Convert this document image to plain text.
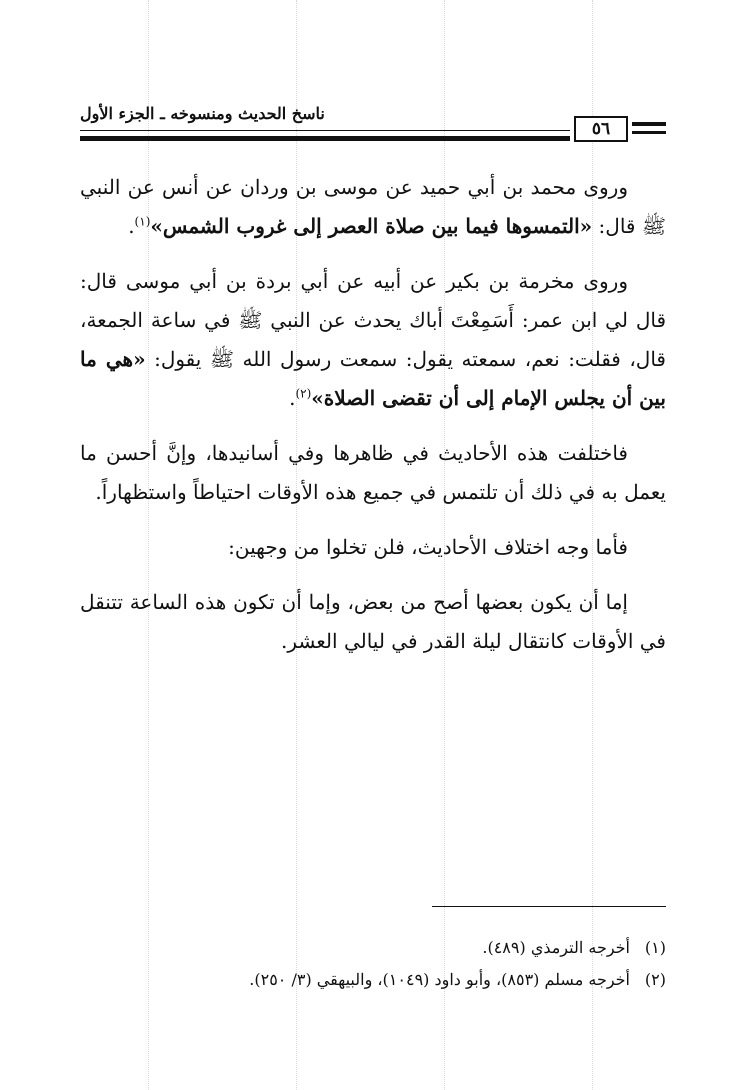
ناسخ الحديث ومنسوخه ـ الجزء الأول
٥٦

وروى محمد بن أبي حميد عن موسى بن وردان عن أنس عن النبي ﷺ قال: «التمسوها فيما بين صلاة العصر إلى غروب الشمس»$^{(١)}$.

وروى مخرمة بن بكير عن أبيه عن أبي بردة بن أبي موسى قال: قال لي ابن عمر: أَسَمِعْتَ أباك يحدث عن النبي ﷺ في ساعة الجمعة، قال، فقلت: نعم، سمعته يقول: سمعت رسول الله ﷺ يقول: «هي ما بين أن يجلس الإمام إلى أن تقضى الصلاة»$^{(٢)}$.

فاختلفت هذه الأحاديث في ظاهرها وفي أسانيدها، وإنَّ أحسن ما يعمل به في ذلك أن تلتمس في جميع هذه الأوقات احتياطاً واستظهاراً.

فأما وجه اختلاف الأحاديث، فلن تخلوا من وجهين:

إما أن يكون بعضها أصح من بعض، وإما أن تكون هذه الساعة تتنقل في الأوقات كانتقال ليلة القدر في ليالي العشر.

(١)أخرجه الترمذي (٤٨٩).
(٢)أخرجه مسلم (٨٥٣)، وأبو داود (١٠٤٩)، والبيهقي (٣/ ٢٥٠).
